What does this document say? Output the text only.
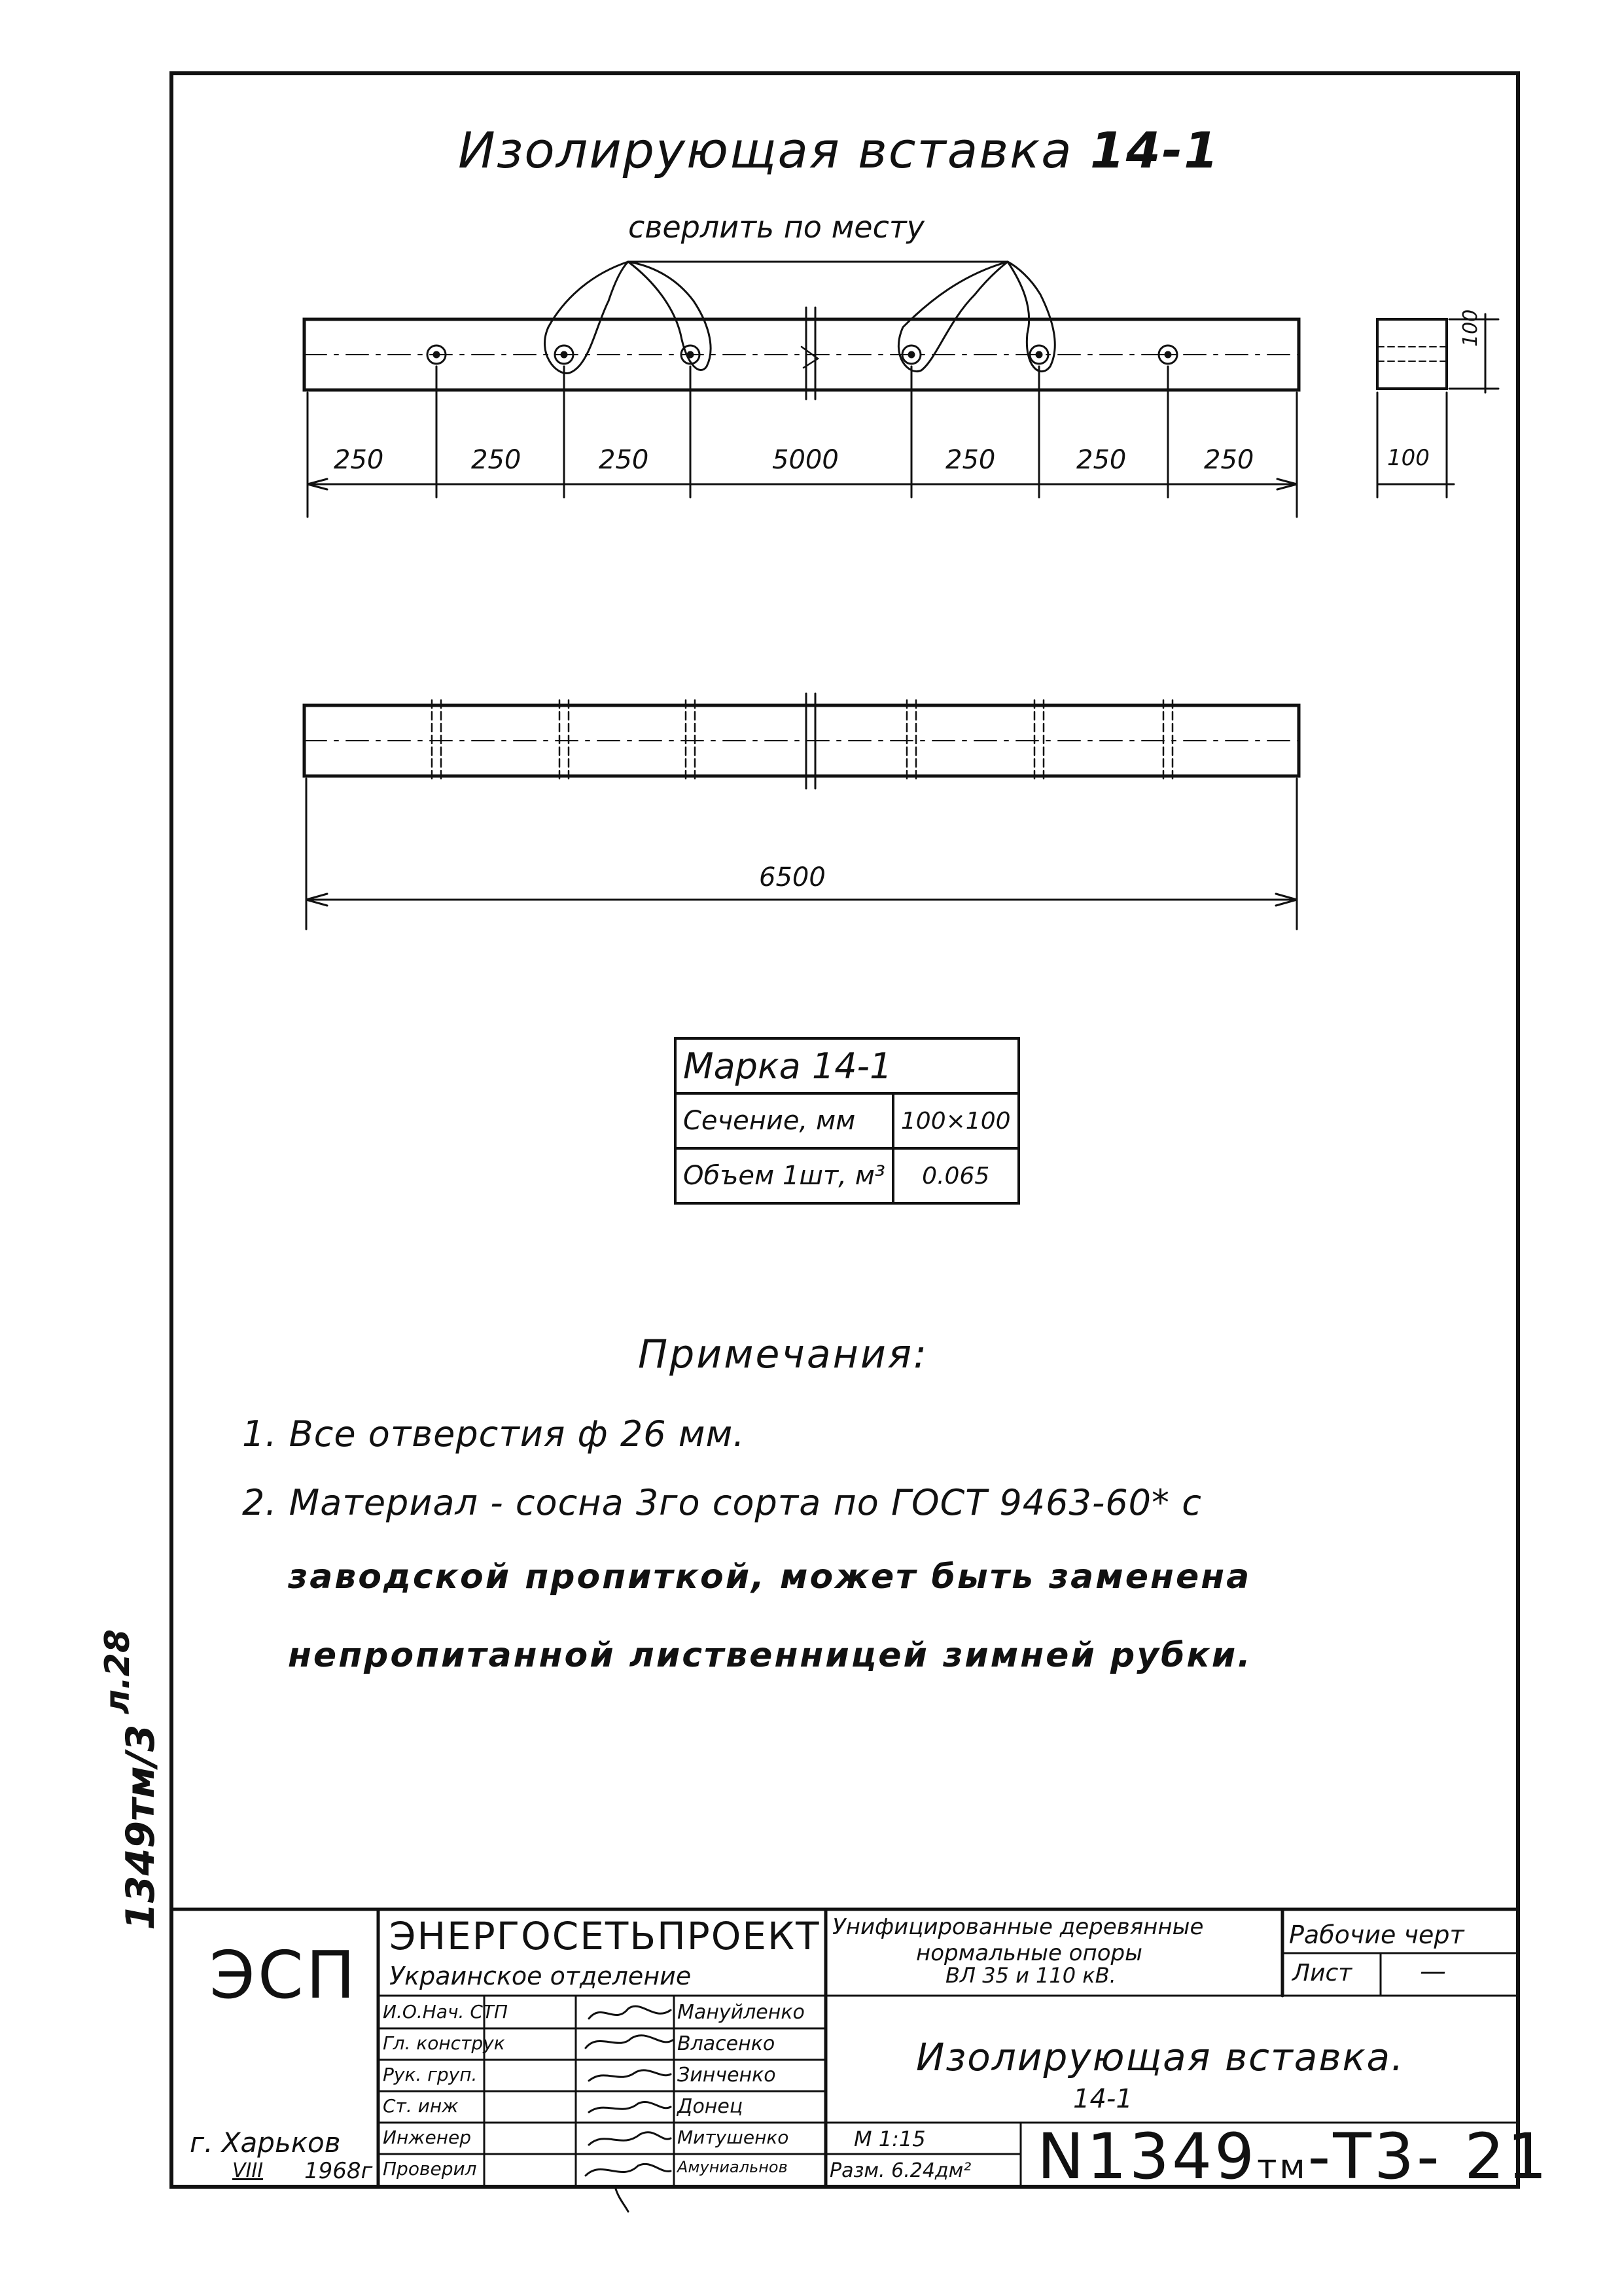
Изолирующая вставка 14-1
сверлить по месту
250	250	250	5000	250	250	250	100
100
6500
Марка 14-1	
Сечение, мм	100×100
Объем 1шт, м³	0.065
Примечания:
1. Все отверстия ф 26 мм.
2. Материал - сосна 3го сорта по ГОСТ 9463-60* с
заводской пропиткой, может быть заменена
непропитанной лиственницей зимней рубки.
1349тм/3
л.28
ЭСП
ЭНЕРГОСЕТЬПРОЕКТ
Украинское отделение
Унифицированные деревянные
нормальные опоры
ВЛ 35 и 110 кВ.
Рабочие черт
Лист	—
И.О.Нач. СТП	Мануйленко
Гл. конструк	Власенко
Рук. груп.	Зинченко
Ст. инж	Донец
Инженер	Митушенко
Проверил	Амуниальнов
Изолирующая вставка.
14-1
М 1:15
Разм. 6.24дм² N1349тм-Т3- 21
г. Харьков
VIII 1968г
